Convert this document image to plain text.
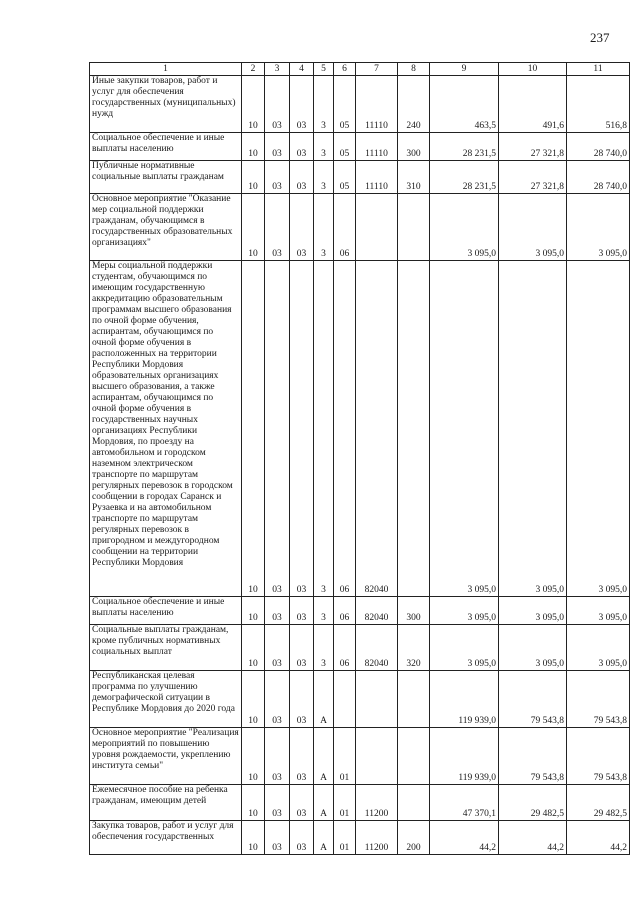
237
1	2	3	4	5	6	7	8	9	10	11

Иные закупки товаров, работ и услуг для обеспечения государственных (муниципальных) нужд	10	03	03	3	05	11110	240	463,5	491,6	516,8

Социальное обеспечение и иные выплаты населению	10	03	03	3	05	11110	300	28 231,5	27 321,8	28 740,0

Публичные нормативные социальные выплаты гражданам	10	03	03	3	05	11110	310	28 231,5	27 321,8	28 740,0

Основное мероприятие "Оказание мер социальной поддержки гражданам, обучающимся в государственных образовательных организациях"	10	03	03	3	06			3 095,0	3 095,0	3 095,0

Меры социальной поддержки студентам, обучающимся по имеющим государственную аккредитацию образовательным программам высшего образования по очной форме обучения, аспирантам, обучающимся по очной форме обучения в расположенных на территории Республики Мордовия образовательных организациях высшего образования, а также аспирантам, обучающимся по очной форме обучения в государственных научных организациях Республики Мордовия, по проезду на автомобильном и городском наземном электрическом транспорте по маршрутам регулярных перевозок в городском сообщении в городах Саранск и Рузаевка и на автомобильном транспорте по маршрутам регулярных перевозок в пригородном и междугородном сообщении на территории Республики Мордовия	10	03	03	3	06	82040		3 095,0	3 095,0	3 095,0

Социальное обеспечение и иные выплаты населению	10	03	03	3	06	82040	300	3 095,0	3 095,0	3 095,0

Социальные выплаты гражданам, кроме публичных нормативных социальных выплат	10	03	03	3	06	82040	320	3 095,0	3 095,0	3 095,0

Республиканская целевая программа по улучшению демографической ситуации в Республике Мордовия до 2020 года	10	03	03	А				119 939,0	79 543,8	79 543,8

Основное мероприятие "Реализация мероприятий по повышению уровня рождаемости, укреплению института семьи"	10	03	03	А	01			119 939,0	79 543,8	79 543,8

Ежемесячное пособие на ребенка гражданам, имеющим детей	10	03	03	А	01	11200		47 370,1	29 482,5	29 482,5

Закупка товаров, работ и услуг для обеспечения государственных	10	03	03	А	01	11200	200	44,2	44,2	44,2
